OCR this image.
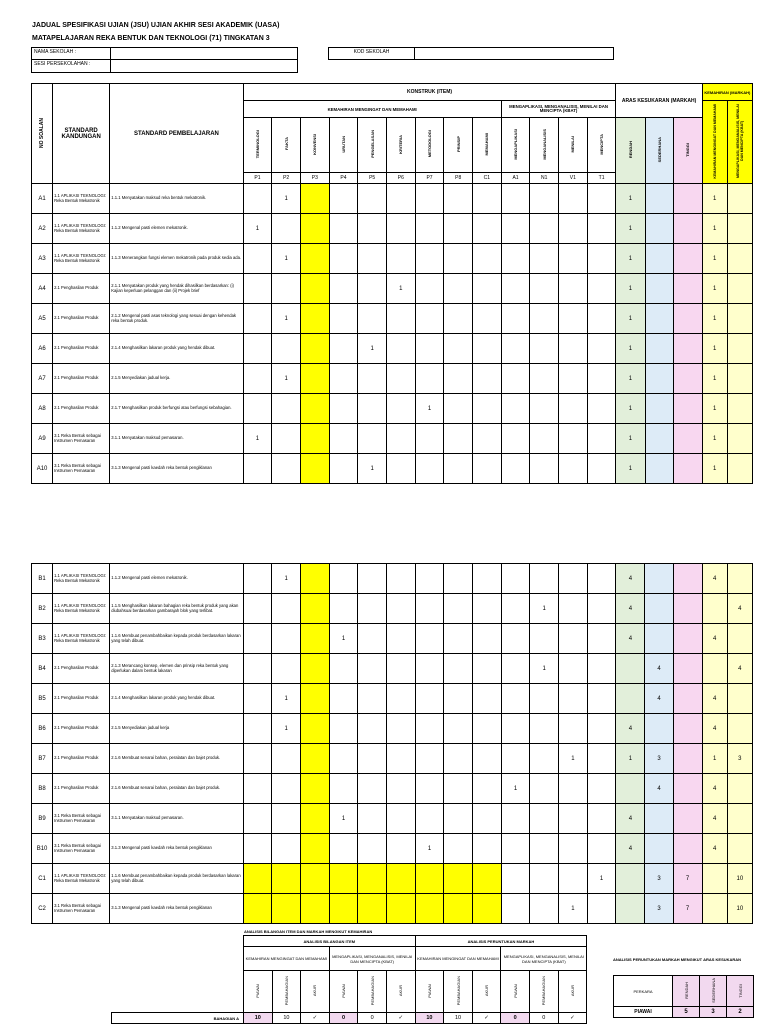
JADUAL SPESIFIKASI UJIAN (JSU) UJIAN AKHIR SESI AKADEMIK (UASA)
MATAPELAJARAN REKA BENTUK DAN TEKNOLOGI (71) TINGKATAN 3
NAMA SEKOLAH :
SESI PERSEKOLAHAN :
KOD SEKOLAH
NO SOALAN	STANDARD KANDUNGAN	STANDARD PEMBELAJARAN	KONSTRUK (ITEM)													ARAS KESUKARAN (MARKAH)			KEMAHIRAN (MARKAH)	
			KEMAHIRAN MENGINGAT DAN MEMAHAMI									MENGAPLIKASI, MENGANALISIS, MENILAI DAN MENCIPTA (KBAT)							KEMAHIRAN MENGINGAT DAN MEMAHAMI	MENGAPLIKASI, MENGANALISIS, MENILAI DAN MENCIPTA (KBAT)
			TERMINOLOGI	FAKTA	KONVENSI	URUTAN	PENGELASAN	KRITERIA	METODOLOGI	PRINSIP	MEMAHAMI	MENGAPLIKASI	MENGANALISIS	MENILAI	MENCIPTA	RENDAH	SEDERHANA	TINGGI		
			P1	P2	P3	P4	P5	P6	P7	P8	C1	A1	N1	V1	T1					
A1	1.1 APLIKASI TEKNOLOGI: Reka Bentuk Mekatronik	1.1.1 Menyatakan maksud reka bentuk mekatronik.		1												1			1	
A2	1.1 APLIKASI TEKNOLOGI: Reka Bentuk Mekatronik	1.1.2 Mengenal pasti elemen mekatronik.	1													1			1	
A3	1.1 APLIKASI TEKNOLOGI: Reka Bentuk Mekatronik	1.1.3 Menerangkan fungsi elemen mekatronik pada produk sedia ada.		1												1			1	
A4	2.1 Penghasilan Produk	2.1.1 Menyatakan produk yang hendak dihasilkan berdasarkan: (i) Kajian keperluan pelanggan dan (ii) Projek brief						1								1			1	
A5	2.1 Penghasilan Produk	2.1.2 Mengenal pasti asas teknologi yang sesuai dengan kehendak reka bentuk produk.		1												1			1	
A6	2.1 Penghasilan Produk	2.1.4 Menghasilkan lakaran produk yang hendak dibuat.					1									1			1	
A7	2.1 Penghasilan Produk	2.1.5 Menyediakan jadual kerja.		1												1			1	
A8	2.1 Penghasilan Produk	2.1.7 Menghasilkan produk berfungsi atau berfungsi sebahagian.							1							1			1	
A9	3.1 Reka Bentuk sebagai Instrumen Pemasaran	3.1.1 Menyatakan maksud pemasaran.	1													1			1	
A10	3.1 Reka Bentuk sebagai Instrumen Pemasaran	3.1.3 Mengenal pasti kaedah reka bentuk pengiklanan					1									1			1	
B1	1.1 APLIKASI TEKNOLOGI: Reka Bentuk Mekatronik	1.1.2 Mengenal pasti elemen mekatronik.		1												4			4	
B2	1.1 APLIKASI TEKNOLOGI: Reka Bentuk Mekatronik	1.1.5 Menghasilkan lakaran bahagian reka bentuk produk yang akan diubahsuai berdasarkan gambarajah blok yang terlibat.											1			4				4
B3	1.1 APLIKASI TEKNOLOGI: Reka Bentuk Mekatronik	1.1.6 Membuat penambahbaikan kepada produk berdasarkan lakaran yang telah dibuat.				1										4			4	
B4	2.1 Penghasilan Produk	2.1.3 Merancang konsep, elemen dan prinsip reka bentuk yang diperlukan dalam bentuk lakaran											1				4			4
B5	2.1 Penghasilan Produk	2.1.4 Menghasilkan lakaran produk yang hendak dibuat.		1													4		4	
B6	2.1 Penghasilan Produk	2.1.5 Menyediakan jadual kerja		1												4			4	
B7	2.1 Penghasilan Produk	2.1.6 Membuat senarai bahan, peralatan dan bajet produk.												1		1	3		1	3
B8	2.1 Penghasilan Produk	2.1.6 Membuat senarai bahan, peralatan dan bajet produk.										1					4		4	
B9	3.1 Reka Bentuk sebagai Instrumen Pemasaran	3.1.1 Menyatakan maksud pemasaran.				1										4			4	
B10	3.1 Reka Bentuk sebagai Instrumen Pemasaran	3.1.3 Mengenal pasti kaedah reka bentuk pengiklanan							1							4			4	
C1	1.1 APLIKASI TEKNOLOGI: Reka Bentuk Mekatronik	1.1.6 Membuat penambahbaikan kepada produk berdasarkan lakaran yang telah dibuat.													1		3	7		10
C2	3.1 Reka Bentuk sebagai Instrumen Pemasaran	3.1.3 Mengenal pasti kaedah reka bentuk pengiklanan												1			3	7		10
ANALISIS BILANGAN ITEM DAN MARKAH MENGIKUT KEMAHIRAN
	ANALISIS BILANGAN ITEM						ANALISIS PERUNTUKAN MARKAH					
	KEMAHIRAN MENGINGAT DAN MEMAHAMI			MENGAPLIKASI, MENGANALISIS, MENILAI DAN MENCIPTA (KBAT)			KEMAHIRAN MENGINGAT DAN MEMAHAMI			MENGAPLIKASI, MENGANALISIS, MENILAI DAN MENCIPTA (KBAT)		
	PIAWAI	PEMBAHAGIAN	AKUR	PIAWAI	PEMBAHAGIAN	AKUR	PIAWAI	PEMBAHAGIAN	AKUR	PIAWAI	PEMBAHAGIAN	AKUR
BAHAGIAN A	10	10	✓	0	0	✓	10	10	✓	0	0	✓
ANALISIS PERUNTUKAN MARKAH MENGIKUT ARAS KESUKARAN
PERKARA	RENDAH	SEDERHANA	TINGGI
PIAWAI	5	3	2
